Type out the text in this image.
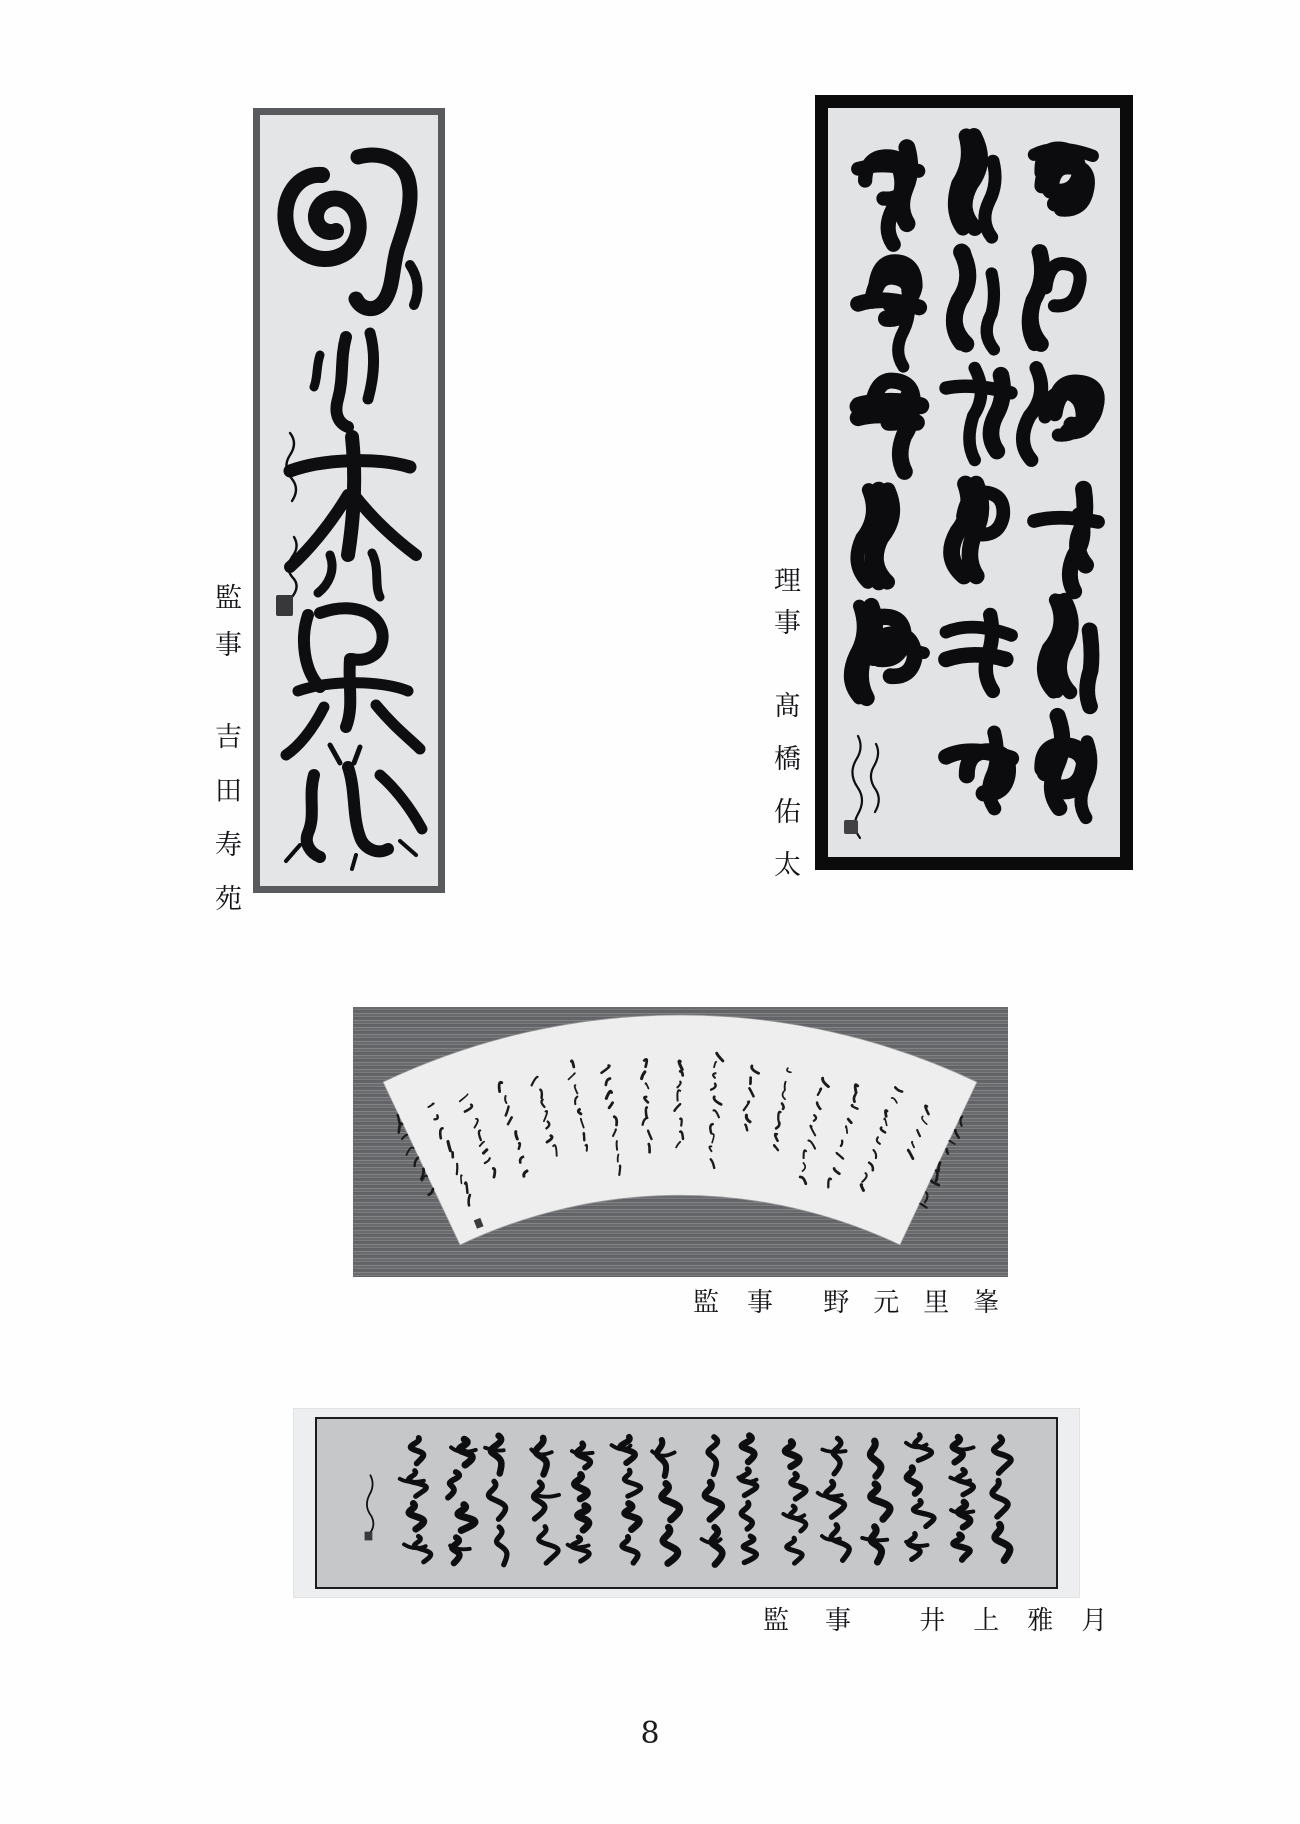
監事 吉田寿苑
理事 髙橋佑太
監事 野元里峯
監事 井上雅月
8
